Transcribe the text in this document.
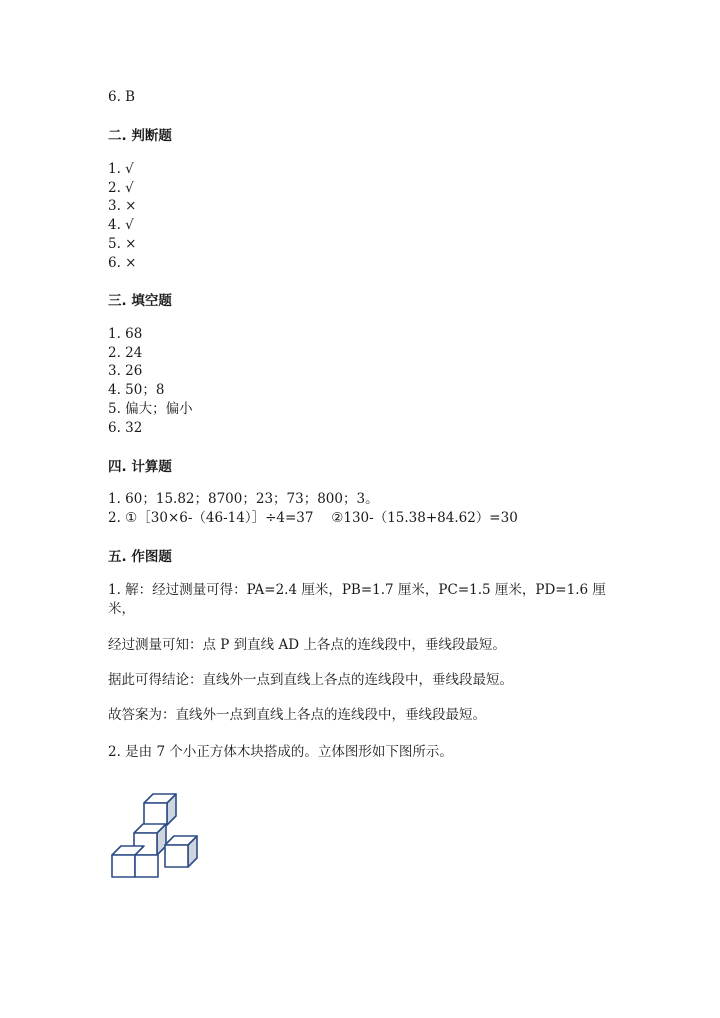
6. B
二. 判断题
1. √
2. √
3. ×
4. √
5. ×
6. ×
三. 填空题
1. 68
2. 24
3. 26
4. 50；8
5. 偏大；偏小
6. 32
四. 计算题
1. 60；15.82；8700；23；73；800；3。
2. ①［30×6-（46-14）］÷4=37　 ②130-（15.38+84.62）=30
五. 作图题
1. 解：经过测量可得：PA=2.4 厘米，PB=1.7 厘米，PC=1.5 厘米，PD=1.6 厘
米，
经过测量可知：点 P 到直线 AD 上各点的连线段中，垂线段最短。
据此可得结论：直线外一点到直线上各点的连线段中，垂线段最短。
故答案为：直线外一点到直线上各点的连线段中，垂线段最短。
2. 是由 7 个小正方体木块搭成的。立体图形如下图所示。
